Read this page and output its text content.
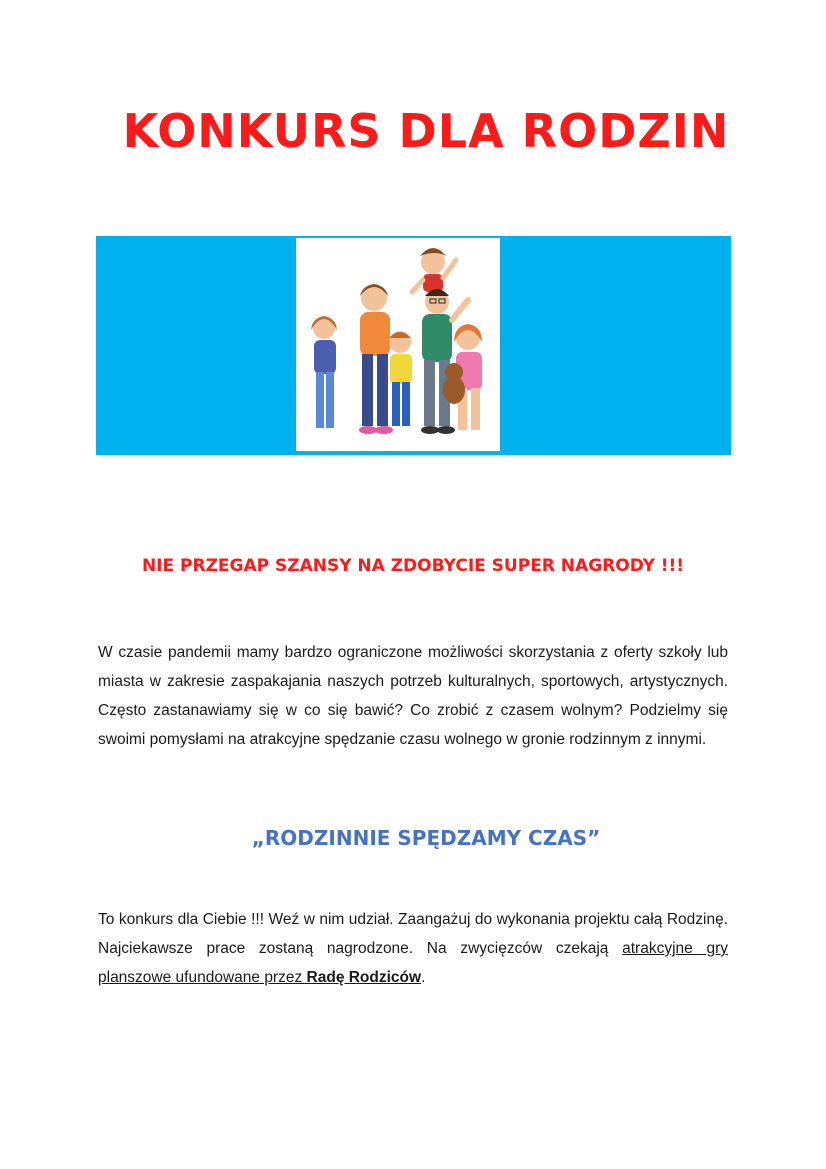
KONKURS DLA RODZIN
NIE PRZEGAP SZANSY NA ZDOBYCIE SUPER NAGRODY !!!

W czasie pandemii mamy bardzo ograniczone możliwości skorzystania z oferty szkoły lub miasta w zakresie zaspakajania naszych potrzeb kulturalnych, sportowych, artystycznych. Często zastanawiamy się w co się bawić? Co zrobić z czasem wolnym? Podzielmy się swoimi pomysłami na atrakcyjne spędzanie czasu wolnego w gronie rodzinnym z innymi.

„RODZINNIE SPĘDZAMY CZAS”

To konkurs dla Ciebie !!! Weź w nim udział. Zaangażuj do wykonania projektu całą Rodzinę. Najciekawsze prace zostaną nagrodzone. Na zwycięzców czekają atrakcyjne gry planszowe ufundowane przez Radę Rodziców.
